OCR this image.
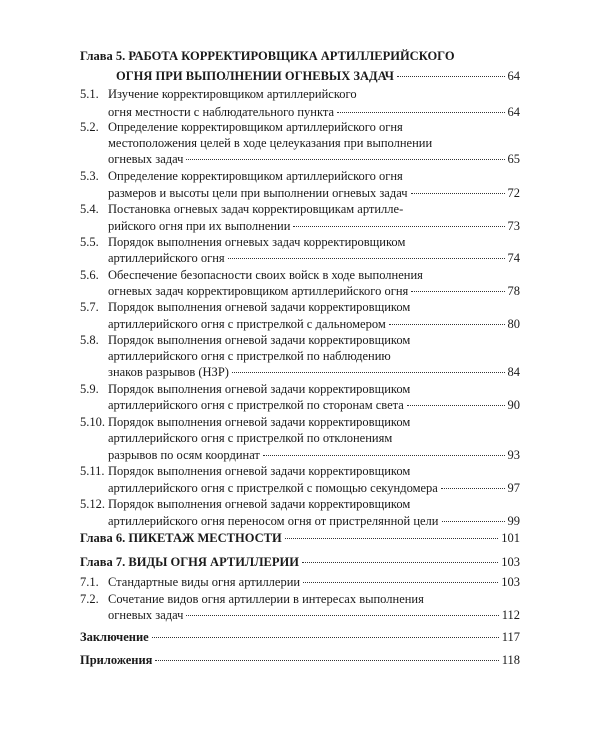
Глава 5. РАБОТА КОРРЕКТИРОВЩИКА АРТИЛЛЕРИЙСКОГО
ОГНЯ ПРИ ВЫПОЛНЕНИИ ОГНЕВЫХ ЗАДАЧ	64
5.1. Изучение корректировщиком артиллерийского
огня местности с наблюдательного пункта	64
5.2. Определение корректировщиком артиллерийского огня
местоположения целей в ходе целеуказания при выполнении
огневых задач	65
5.3. Определение корректировщиком артиллерийского огня
размеров и высоты цели при выполнении огневых задач	72
5.4. Постановка огневых задач корректировщикам артилле-
рийского огня при их выполнении	73
5.5. Порядок выполнения огневых задач корректировщиком
артиллерийского огня	74
5.6. Обеспечение безопасности своих войск в ходе выполнения
огневых задач корректировщиком артиллерийского огня	78
5.7. Порядок выполнения огневой задачи корректировщиком
артиллерийского огня с пристрелкой с дальномером	80
5.8. Порядок выполнения огневой задачи корректировщиком
артиллерийского огня с пристрелкой по наблюдению
знаков разрывов (НЗР)	84
5.9. Порядок выполнения огневой задачи корректировщиком
артиллерийского огня с пристрелкой по сторонам света	90
5.10. Порядок выполнения огневой задачи корректировщиком
артиллерийского огня с пристрелкой по отклонениям
разрывов по осям координат	93
5.11. Порядок выполнения огневой задачи корректировщиком
артиллерийского огня с пристрелкой с помощью секундомера	97
5.12. Порядок выполнения огневой задачи корректировщиком
артиллерийского огня переносом огня от пристрелянной цели	99
Глава 6. ПИКЕТАЖ МЕСТНОСТИ	101
Глава 7. ВИДЫ ОГНЯ АРТИЛЛЕРИИ	103
7.1. Стандартные виды огня артиллерии	103
7.2. Сочетание видов огня артиллерии в интересах выполнения
огневых задач	112
Заключение	117
Приложения	118
